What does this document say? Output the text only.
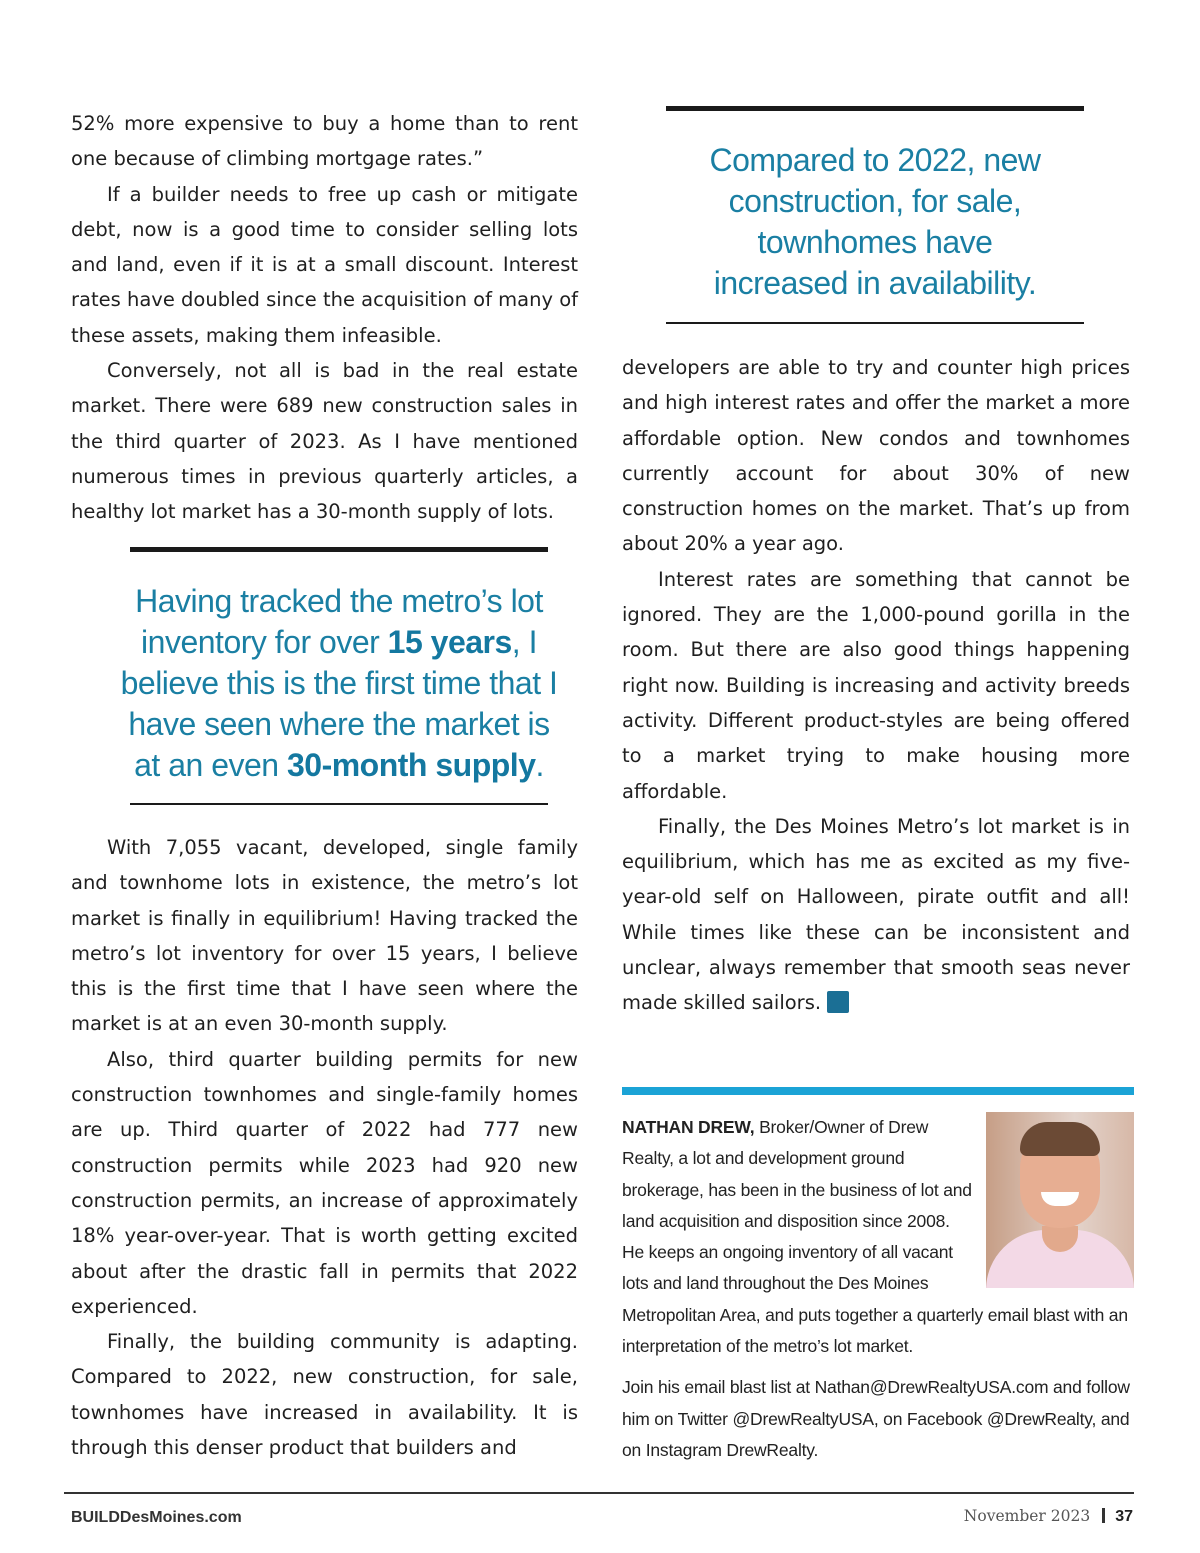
52% more expensive to buy a home than to rent one because of climbing mortgage rates.”

If a builder needs to free up cash or mitigate debt, now is a good time to consider selling lots and land, even if it is at a small discount. Interest rates have doubled since the acquisition of many of these assets, making them infeasible.

Conversely, not all is bad in the real estate market. There were 689 new construction sales in the third quarter of 2023. As I have mentioned numerous times in previous quarterly articles, a healthy lot market has a 30-month supply of lots.

Having tracked the metro’s lot inventory for over 15 years, I believe this is the first time that I have seen where the market is at an even 30-month supply.

With 7,055 vacant, developed, single family and townhome lots in existence, the metro’s lot market is finally in equilibrium! Having tracked the metro’s lot inventory for over 15 years, I believe this is the first time that I have seen where the market is at an even 30-month supply.

Also, third quarter building permits for new construction townhomes and single-family homes are up. Third quarter of 2022 had 777 new construction permits while 2023 had 920 new construction permits, an increase of approximately 18% year-over-year. That is worth getting excited about after the drastic fall in permits that 2022 experienced.

Finally, the building community is adapting. Compared to 2022, new construction, for sale, townhomes have increased in availability. It is through this denser product that builders and

Compared to 2022, new construction, for sale, townhomes have increased in availability.

developers are able to try and counter high prices and high interest rates and offer the market a more affordable option. New condos and townhomes currently account for about 30% of new construction homes on the market. That’s up from about 20% a year ago.

Interest rates are something that cannot be ignored. They are the 1,000-pound gorilla in the room. But there are also good things happening right now. Building is increasing and activity breeds activity. Different product-styles are being offered to a market trying to make housing more affordable.

Finally, the Des Moines Metro’s lot market is in equilibrium, which has me as excited as my five-year-old self on Halloween, pirate outfit and all! While times like these can be inconsistent and unclear, always remember that smooth seas never made skilled sailors. B

NATHAN DREW, Broker/Owner of Drew Realty, a lot and development ground brokerage, has been in the business of lot and land acquisition and disposition since 2008. He keeps an ongoing inventory of all vacant lots and land throughout the Des Moines Metropolitan Area, and puts together a quarterly email blast with an interpretation of the metro’s lot market.

Join his email blast list at Nathan@DrewRealtyUSA.com and follow him on Twitter @DrewRealtyUSA, on Facebook @DrewRealty, and on Instagram DrewRealty.

BUILDDesMoines.com	November 2023 37
